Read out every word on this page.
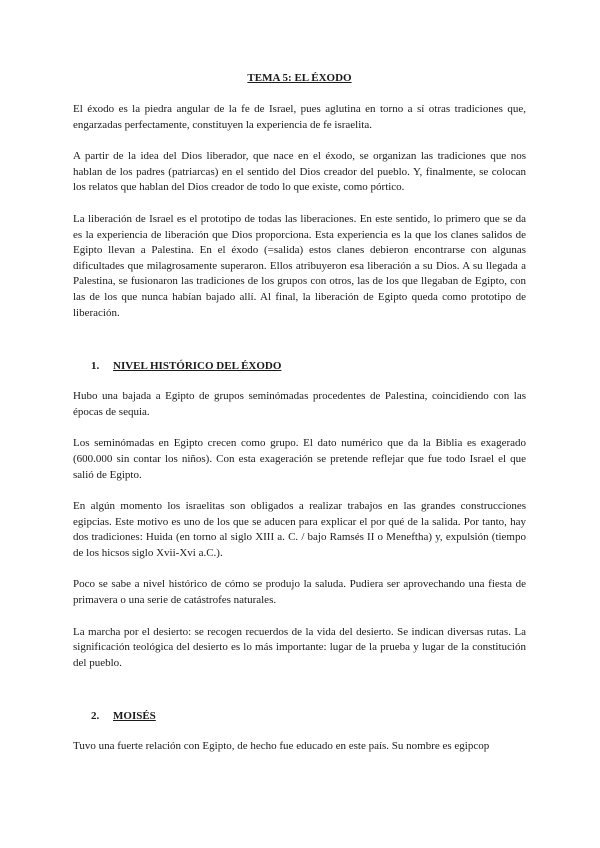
TEMA 5: EL ÉXODO

El éxodo es la piedra angular de la fe de Israel, pues aglutina en torno a sí otras tradiciones que, engarzadas perfectamente, constituyen la experiencia de fe israelita.

A partir de la idea del Dios liberador, que nace en el éxodo, se organizan las tradiciones que nos hablan de los padres (patriarcas) en el sentido del Dios creador del pueblo. Y, finalmente, se colocan los relatos que hablan del Dios creador de todo lo que existe, como pórtico.

La liberación de Israel es el prototipo de todas las liberaciones. En este sentido, lo primero que se da es la experiencia de liberación que Dios proporciona. Esta experiencia es la que los clanes salidos de Egipto llevan a Palestina. En el éxodo (=salida) estos clanes debieron encontrarse con algunas dificultades que milagrosamente superaron. Ellos atribuyeron esa liberación a su Dios. A su llegada a Palestina, se fusionaron las tradiciones de los grupos con otros, las de los que llegaban de Egipto, con las de los que nunca habían bajado allí. Al final, la liberación de Egipto queda como prototipo de liberación.

1.	NIVEL HISTÓRICO DEL ÉXODO

Hubo una bajada a Egipto de grupos seminómadas procedentes de Palestina, coincidiendo con las épocas de sequia.

Los seminómadas en Egipto crecen como grupo. El dato numérico que da la Biblia es exagerado (600.000 sin contar los niños). Con esta exageración se pretende reflejar que fue todo Israel el que salió de Egipto.

En algún momento los israelitas son obligados a realizar trabajos en las grandes construcciones egipcias. Este motivo es uno de los que se aducen para explicar el por qué de la salida. Por tanto, hay dos tradiciones: Huida (en torno al siglo XIII a. C. / bajo Ramsés II o Meneftha) y, expulsión (tiempo de los hicsos siglo Xvii-Xvi a.C.).

Poco se sabe a nivel histórico de cómo se produjo la saluda. Pudiera ser aprovechando una fiesta de primavera o una serie de catástrofes naturales.

La marcha por el desierto: se recogen recuerdos de la vida del desierto. Se indican diversas rutas. La significación teológica del desierto es lo más importante: lugar de la prueba y lugar de la constitución del pueblo.

2.	MOISÉS

Tuvo una fuerte relación con Egipto, de hecho fue educado en este país. Su nombre es egipcop
